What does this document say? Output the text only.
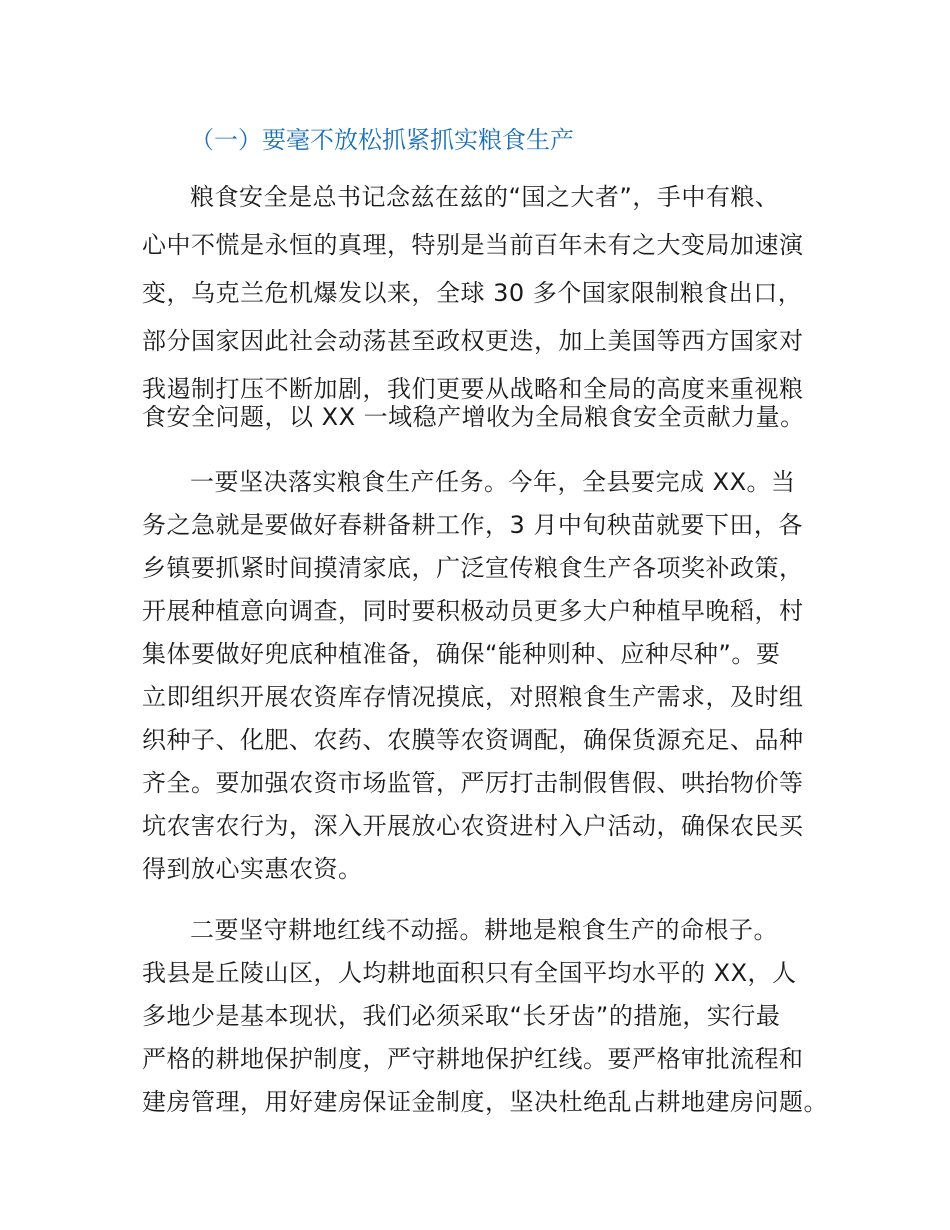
（一）要毫不放松抓紧抓实粮食生产
粮食安全是总书记念兹在兹的“国之大者”，手中有粮、
心中不慌是永恒的真理，特别是当前百年未有之大变局加速演
变，乌克兰危机爆发以来，全球 30 多个国家限制粮食出口，
部分国家因此社会动荡甚至政权更迭，加上美国等西方国家对
我遏制打压不断加剧，我们更要从战略和全局的高度来重视粮
食安全问题，以 XX 一域稳产增收为全局粮食安全贡献力量。
一要坚决落实粮食生产任务。今年，全县要完成 XX。当
务之急就是要做好春耕备耕工作，3 月中旬秧苗就要下田，各
乡镇要抓紧时间摸清家底，广泛宣传粮食生产各项奖补政策，
开展种植意向调查，同时要积极动员更多大户种植早晚稻，村
集体要做好兜底种植准备，确保“能种则种、应种尽种”。要
立即组织开展农资库存情况摸底，对照粮食生产需求，及时组
织种子、化肥、农药、农膜等农资调配，确保货源充足、品种
齐全。要加强农资市场监管，严厉打击制假售假、哄抬物价等
坑农害农行为，深入开展放心农资进村入户活动，确保农民买
得到放心实惠农资。
二要坚守耕地红线不动摇。耕地是粮食生产的命根子。
我县是丘陵山区，人均耕地面积只有全国平均水平的 XX，人
多地少是基本现状，我们必须采取“长牙齿”的措施，实行最
严格的耕地保护制度，严守耕地保护红线。要严格审批流程和
建房管理，用好建房保证金制度，坚决杜绝乱占耕地建房问题。
